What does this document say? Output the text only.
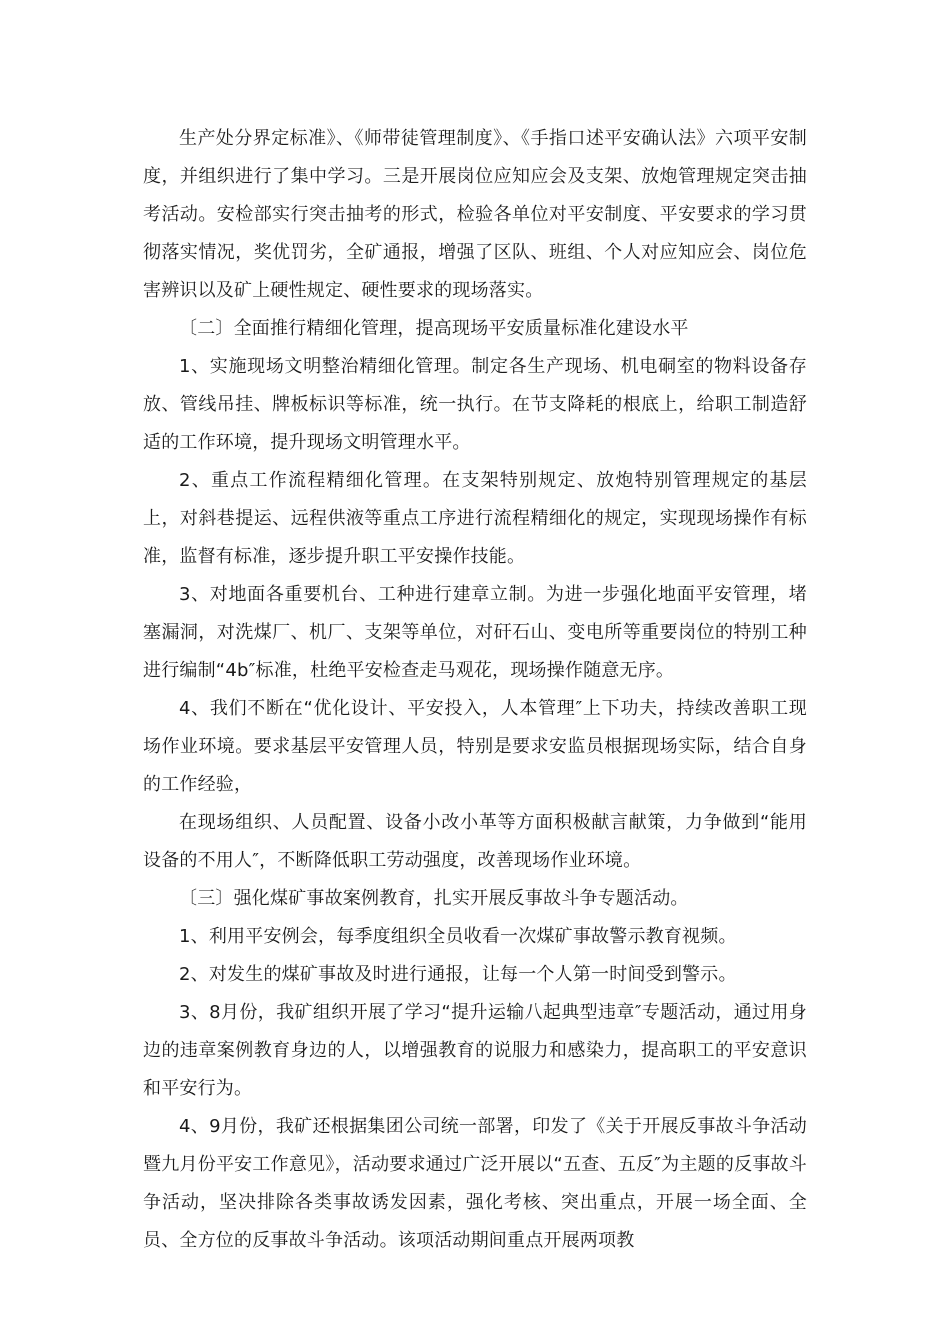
生产处分界定标准》、《师带徒管理制度》、《手指口述平安确认法》六项平安制度，并组织进行了集中学习。三是开展岗位应知应会及支架、放炮管理规定突击抽考活动。安检部实行突击抽考的形式，检验各单位对平安制度、平安要求的学习贯彻落实情况，奖优罚劣，全矿通报，增强了区队、班组、个人对应知应会、岗位危害辨识以及矿上硬性规定、硬性要求的现场落实。

〔二〕全面推行精细化管理，提高现场平安质量标准化建设水平

1、实施现场文明整治精细化管理。制定各生产现场、机电硐室的物料设备存放、管线吊挂、牌板标识等标准，统一执行。在节支降耗的根底上，给职工制造舒适的工作环境，提升现场文明管理水平。

2、重点工作流程精细化管理。在支架特别规定、放炮特别管理规定的基层上，对斜巷提运、远程供液等重点工序进行流程精细化的规定，实现现场操作有标准，监督有标准，逐步提升职工平安操作技能。

3、对地面各重要机台、工种进行建章立制。为进一步强化地面平安管理，堵塞漏洞，对洗煤厂、机厂、支架等单位，对矸石山、变电所等重要岗位的特别工种进行编制“4b″标准，杜绝平安检查走马观花，现场操作随意无序。

4、我们不断在“优化设计、平安投入，人本管理″上下功夫，持续改善职工现场作业环境。要求基层平安管理人员，特别是要求安监员根据现场实际，结合自身的工作经验，

在现场组织、人员配置、设备小改小革等方面积极献言献策，力争做到“能用设备的不用人″，不断降低职工劳动强度，改善现场作业环境。

〔三〕强化煤矿事故案例教育，扎实开展反事故斗争专题活动。

1、利用平安例会，每季度组织全员收看一次煤矿事故警示教育视频。

2、对发生的煤矿事故及时进行通报，让每一个人第一时间受到警示。

3、8月份，我矿组织开展了学习“提升运输八起典型违章″专题活动，通过用身边的违章案例教育身边的人，以增强教育的说服力和感染力，提高职工的平安意识和平安行为。

4、9月份，我矿还根据集团公司统一部署，印发了《关于开展反事故斗争活动暨九月份平安工作意见》，活动要求通过广泛开展以“五查、五反″为主题的反事故斗争活动，坚决排除各类事故诱发因素，强化考核、突出重点，开展一场全面、全员、全方位的反事故斗争活动。该项活动期间重点开展两项教
